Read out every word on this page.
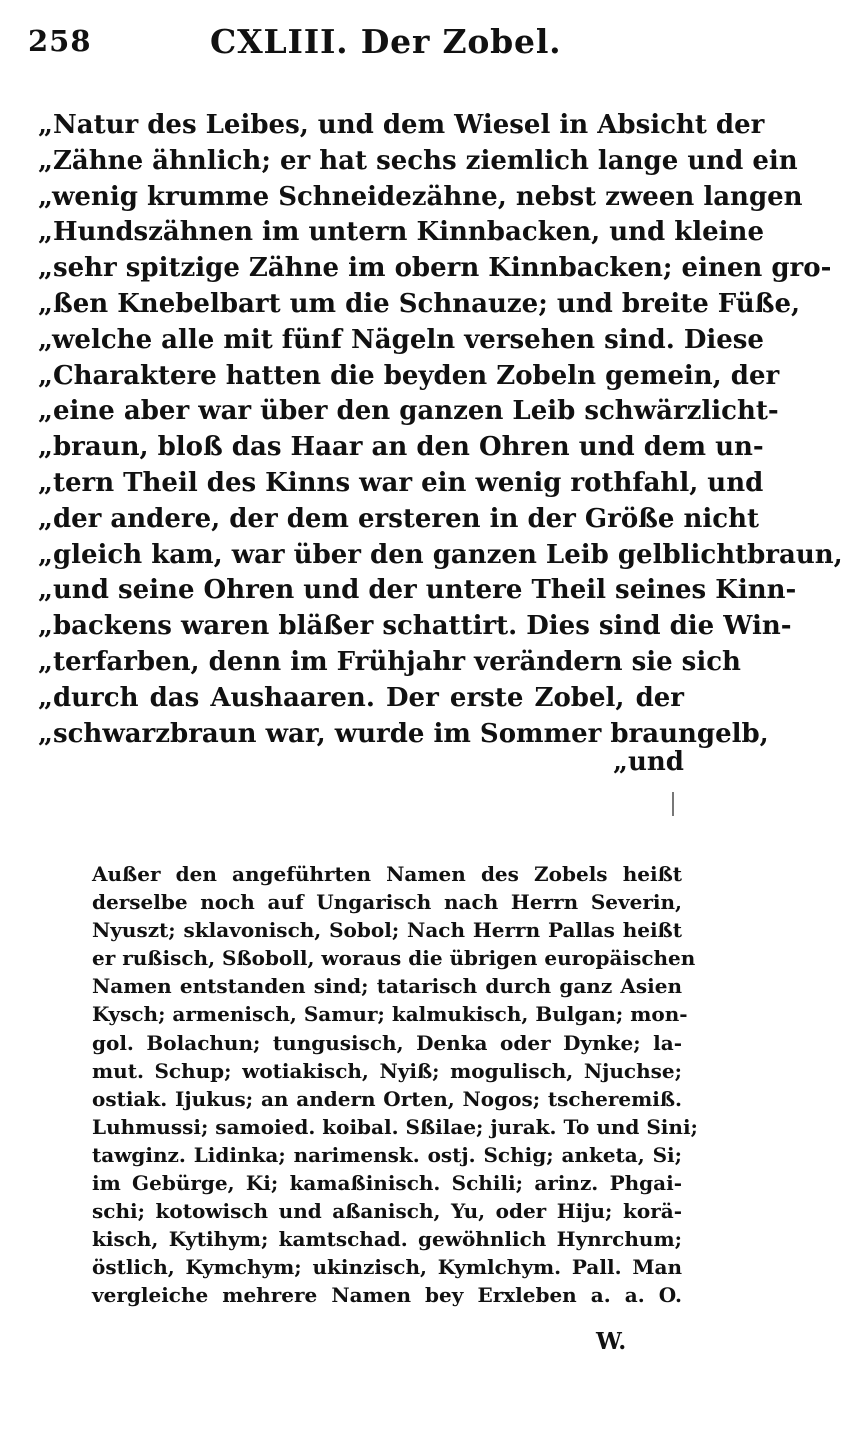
258	CXLIII. Der Zobel.
„Natur des Leibes, und dem Wiesel in Absicht der
„Zähne ähnlich; er hat sechs ziemlich lange und ein
„wenig krumme Schneidezähne, nebst zween langen
„Hundszähnen im untern Kinnbacken, und kleine
„sehr spitzige Zähne im obern Kinnbacken; einen gro-
„ßen Knebelbart um die Schnauze; und breite Füße,
„welche alle mit fünf Nägeln versehen sind. Diese
„Charaktere hatten die beyden Zobeln gemein, der
„eine aber war über den ganzen Leib schwärzlicht-
„braun, bloß das Haar an den Ohren und dem un-
„tern Theil des Kinns war ein wenig rothfahl, und
„der andere, der dem ersteren in der Größe nicht
„gleich kam, war über den ganzen Leib gelblichtbraun,
„und seine Ohren und der untere Theil seines Kinn-
„backens waren bläßer schattirt. Dies sind die Win-
„terfarben, denn im Frühjahr verändern sie sich
„durch das Aushaaren. Der erste Zobel, der
„schwarzbraun war, wurde im Sommer braungelb,
„und
Außer den angeführten Namen des Zobels heißt
derselbe noch auf Ungarisch nach Herrn Severin,
Nyuszt; sklavonisch, Sobol; Nach Herrn Pallas heißt
er rußisch, Sßoboll, woraus die übrigen europäischen
Namen entstanden sind; tatarisch durch ganz Asien
Kysch; armenisch, Samur; kalmukisch, Bulgan; mon-
gol. Bolachun; tungusisch, Denka oder Dynke; la-
mut. Schup; wotiakisch, Nyiß; mogulisch, Njuchse;
ostiak. Ijukus; an andern Orten, Nogos; tscheremiß.
Luhmussi; samoied. koibal. Sßilae; jurak. To und Sini;
tawginz. Lidinka; narimensk. ostj. Schig; anketa, Si;
im Gebürge, Ki; kamaßinisch. Schili; arinz. Phgai-
schi; kotowisch und aßanisch, Yu, oder Hiju; korä-
kisch, Kytihym; kamtschad. gewöhnlich Hynrchum;
östlich, Kymchym; ukinzisch, Kymlchym. Pall. Man
vergleiche mehrere Namen bey Erxleben a. a. O.
W.
